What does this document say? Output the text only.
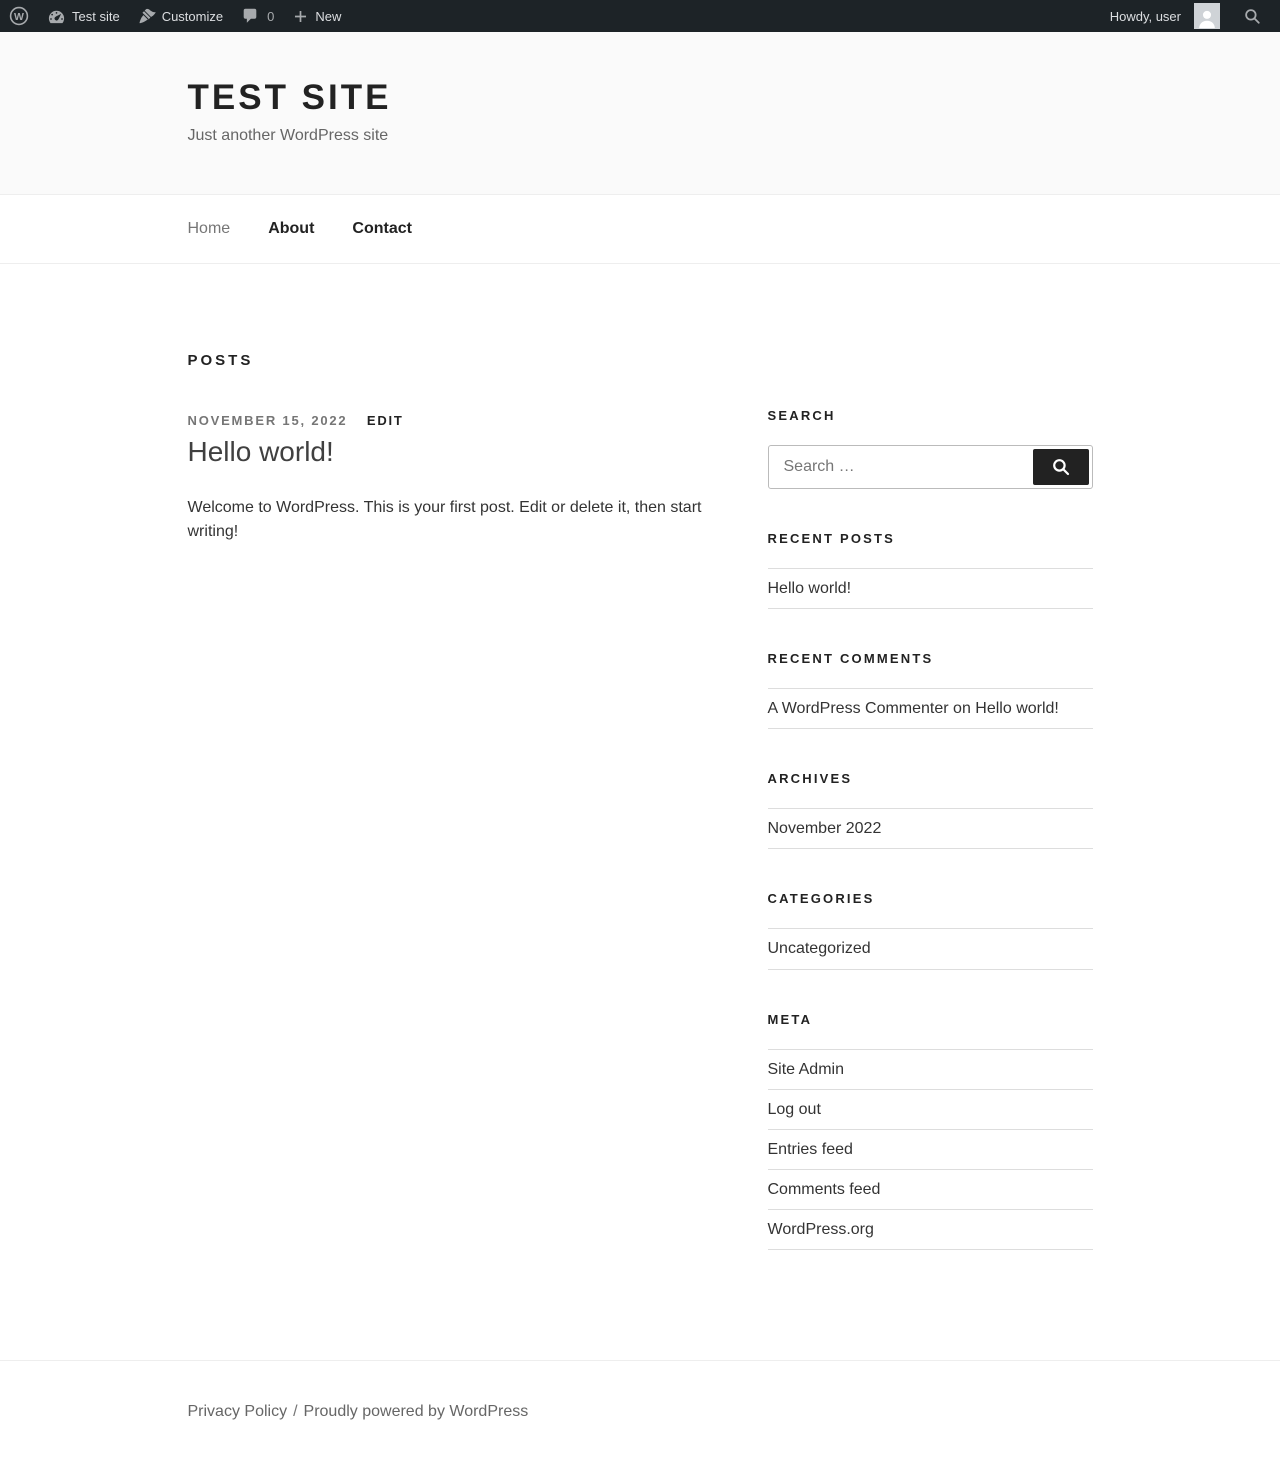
W	Test site	Customize	0	New	Howdy, user
TEST SITE

Just another WordPress site

Home	About	Contact
POSTS
NOVEMBER 15, 2022 EDIT
Hello world!

Welcome to WordPress. This is your first post. Edit or delete it, then start writing!

SEARCH
Search …
RECENT POSTS
Hello world!
RECENT COMMENTS
A WordPress Commenter on Hello world!
ARCHIVES
November 2022
CATEGORIES
Uncategorized
META
Site Admin
Log out
Entries feed
Comments feed
WordPress.org
Privacy Policy / Proudly powered by WordPress
